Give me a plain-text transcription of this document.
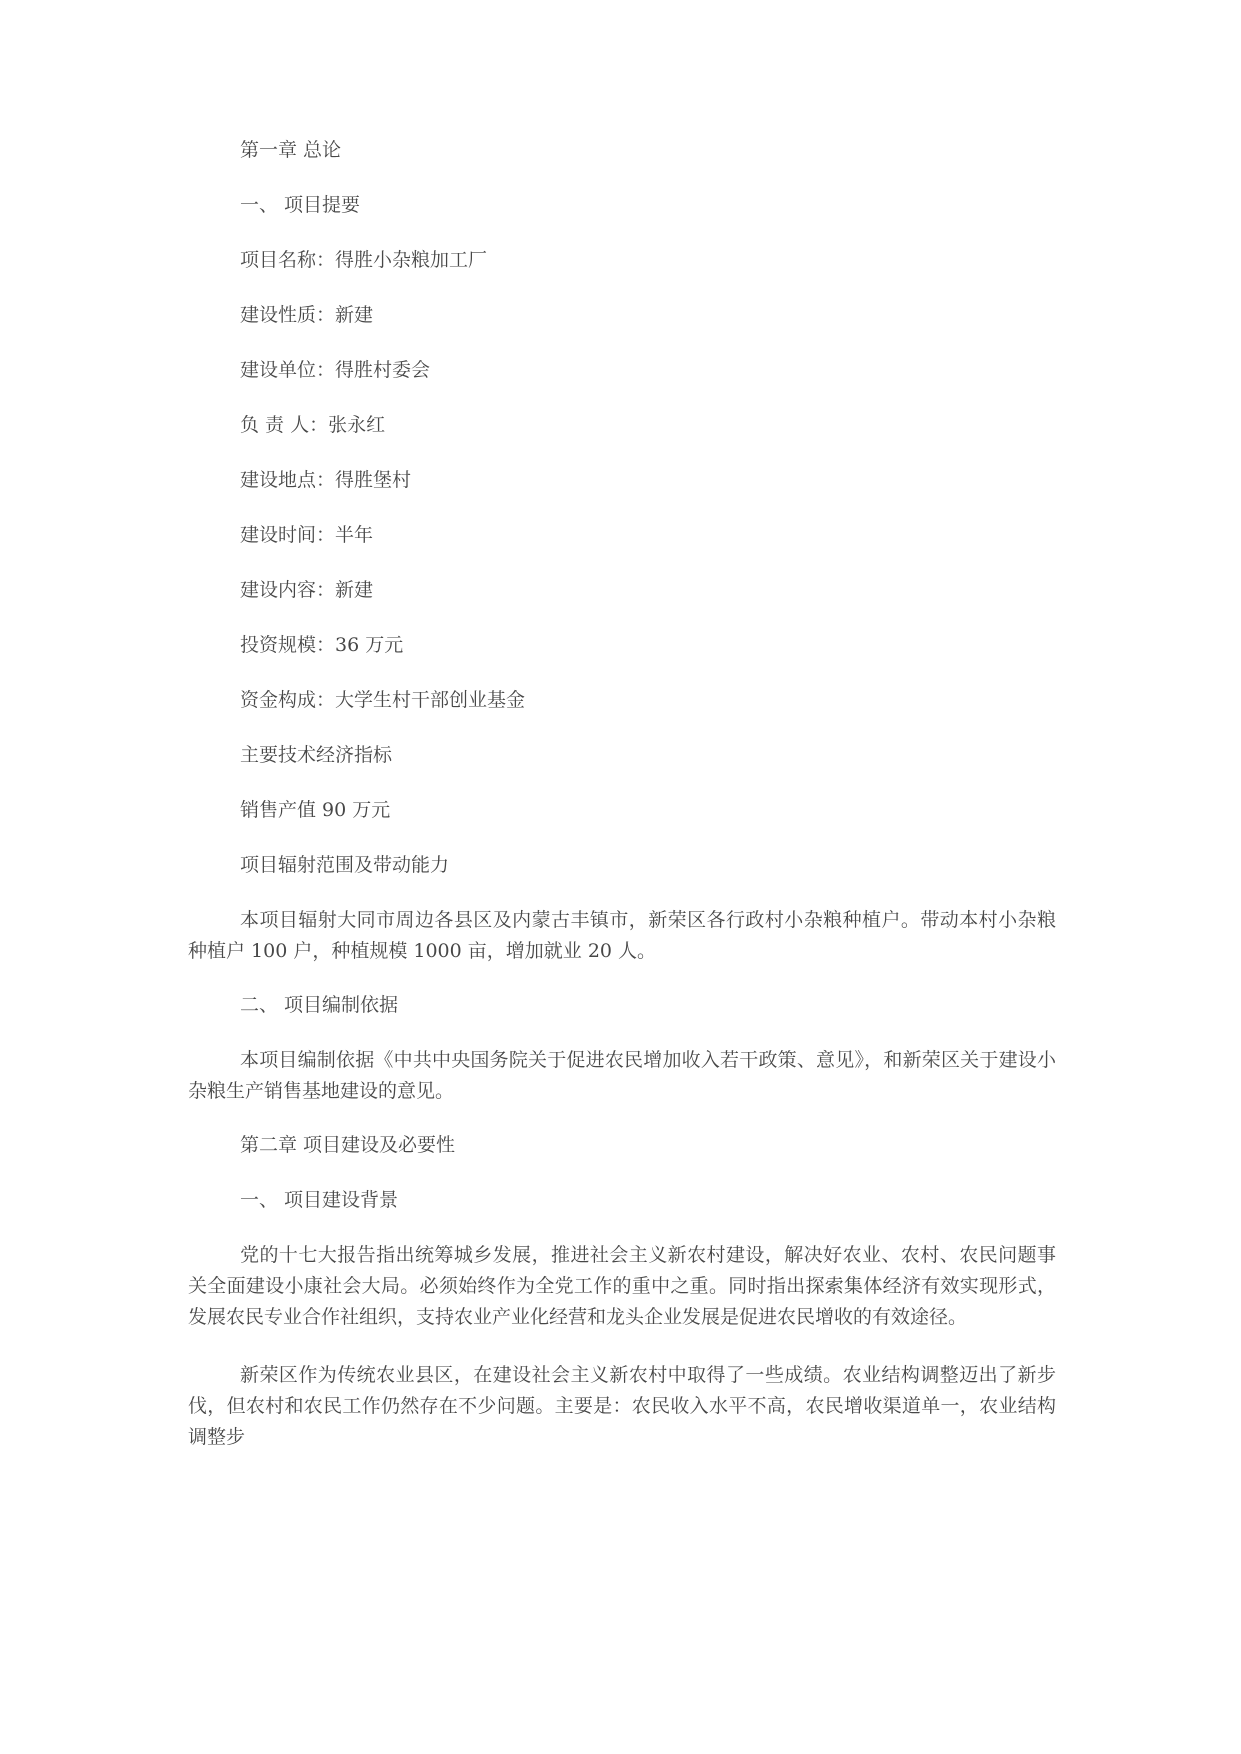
第一章 总论
一、 项目提要
项目名称：得胜小杂粮加工厂
建设性质：新建
建设单位：得胜村委会
负 责 人：张永红
建设地点：得胜堡村
建设时间：半年
建设内容：新建
投资规模：36 万元
资金构成：大学生村干部创业基金
主要技术经济指标
销售产值 90 万元
项目辐射范围及带动能力
本项目辐射大同市周边各县区及内蒙古丰镇市，新荣区各行政村小杂粮种植户。带动本村小杂粮种植户 100 户，种植规模 1000 亩，增加就业 20 人。
二、 项目编制依据
本项目编制依据《中共中央国务院关于促进农民增加收入若干政策、意见》，和新荣区关于建设小杂粮生产销售基地建设的意见。
第二章 项目建设及必要性
一、 项目建设背景
党的十七大报告指出统筹城乡发展，推进社会主义新农村建设，解决好农业、农村、农民问题事关全面建设小康社会大局。必须始终作为全党工作的重中之重。同时指出探索集体经济有效实现形式，发展农民专业合作社组织，支持农业产业化经营和龙头企业发展是促进农民增收的有效途径。
新荣区作为传统农业县区，在建设社会主义新农村中取得了一些成绩。农业结构调整迈出了新步伐，但农村和农民工作仍然存在不少问题。主要是：农民收入水平不高，农民增收渠道单一，农业结构调整步
